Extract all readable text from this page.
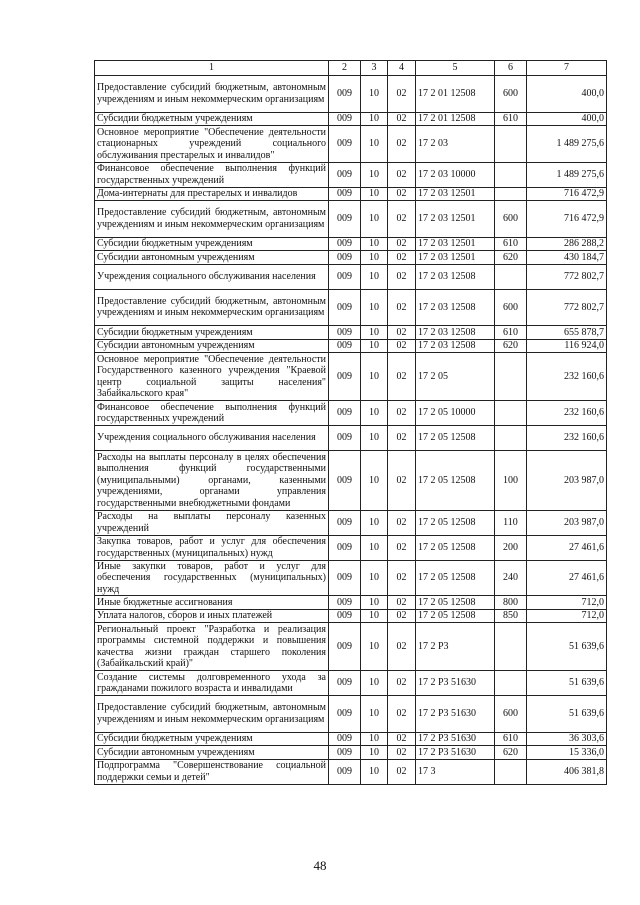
1	2	3	4	5	6	7
Предоставление субсидий бюджетным, автономным учреждениям и иным некоммерческим организациям	009	10	02	17 2 01 12508	600	400,0
Субсидии бюджетным учреждениям	009	10	02	17 2 01 12508	610	400,0
Основное мероприятие "Обеспечение деятельности стационарных учреждений социального обслуживания престарелых и инвалидов"	009	10	02	17 2 03		1 489 275,6
Финансовое обеспечение выполнения функций государственных учреждений	009	10	02	17 2 03 10000		1 489 275,6
Дома-интернаты для престарелых и инвалидов	009	10	02	17 2 03 12501		716 472,9
Предоставление субсидий бюджетным, автономным учреждениям и иным некоммерческим организациям	009	10	02	17 2 03 12501	600	716 472,9
Субсидии бюджетным учреждениям	009	10	02	17 2 03 12501	610	286 288,2
Субсидии автономным учреждениям	009	10	02	17 2 03 12501	620	430 184,7
Учреждения социального обслуживания населения	009	10	02	17 2 03 12508		772 802,7
Предоставление субсидий бюджетным, автономным учреждениям и иным некоммерческим организациям	009	10	02	17 2 03 12508	600	772 802,7
Субсидии бюджетным учреждениям	009	10	02	17 2 03 12508	610	655 878,7
Субсидии автономным учреждениям	009	10	02	17 2 03 12508	620	116 924,0
Основное мероприятие "Обеспечение деятельности Государственного казенного учреждения "Краевой центр социальной защиты населения" Забайкальского края"	009	10	02	17 2 05		232 160,6
Финансовое обеспечение выполнения функций государственных учреждений	009	10	02	17 2 05 10000		232 160,6
Учреждения социального обслуживания населения	009	10	02	17 2 05 12508		232 160,6
Расходы на выплаты персоналу в целях обеспечения выполнения функций государственными (муниципальными) органами, казенными учреждениями, органами управления государственными внебюджетными фондами	009	10	02	17 2 05 12508	100	203 987,0
Расходы на выплаты персоналу казенных учреждений	009	10	02	17 2 05 12508	110	203 987,0
Закупка товаров, работ и услуг для обеспечения государственных (муниципальных) нужд	009	10	02	17 2 05 12508	200	27 461,6
Иные закупки товаров, работ и услуг для обеспечения государственных (муниципальных) нужд	009	10	02	17 2 05 12508	240	27 461,6
Иные бюджетные ассигнования	009	10	02	17 2 05 12508	800	712,0
Уплата налогов, сборов и иных платежей	009	10	02	17 2 05 12508	850	712,0
Региональный проект "Разработка и реализация программы системной поддержки и повышения качества жизни граждан старшего поколения (Забайкальский край)"	009	10	02	17 2 P3		51 639,6
Создание системы долговременного ухода за гражданами пожилого возраста и инвалидами	009	10	02	17 2 P3 51630		51 639,6
Предоставление субсидий бюджетным, автономным учреждениям и иным некоммерческим организациям	009	10	02	17 2 P3 51630	600	51 639,6
Субсидии бюджетным учреждениям	009	10	02	17 2 P3 51630	610	36 303,6
Субсидии автономным учреждениям	009	10	02	17 2 P3 51630	620	15 336,0
Подпрограмма "Совершенствование социальной поддержки семьи и детей"	009	10	02	17 3		406 381,8
48
